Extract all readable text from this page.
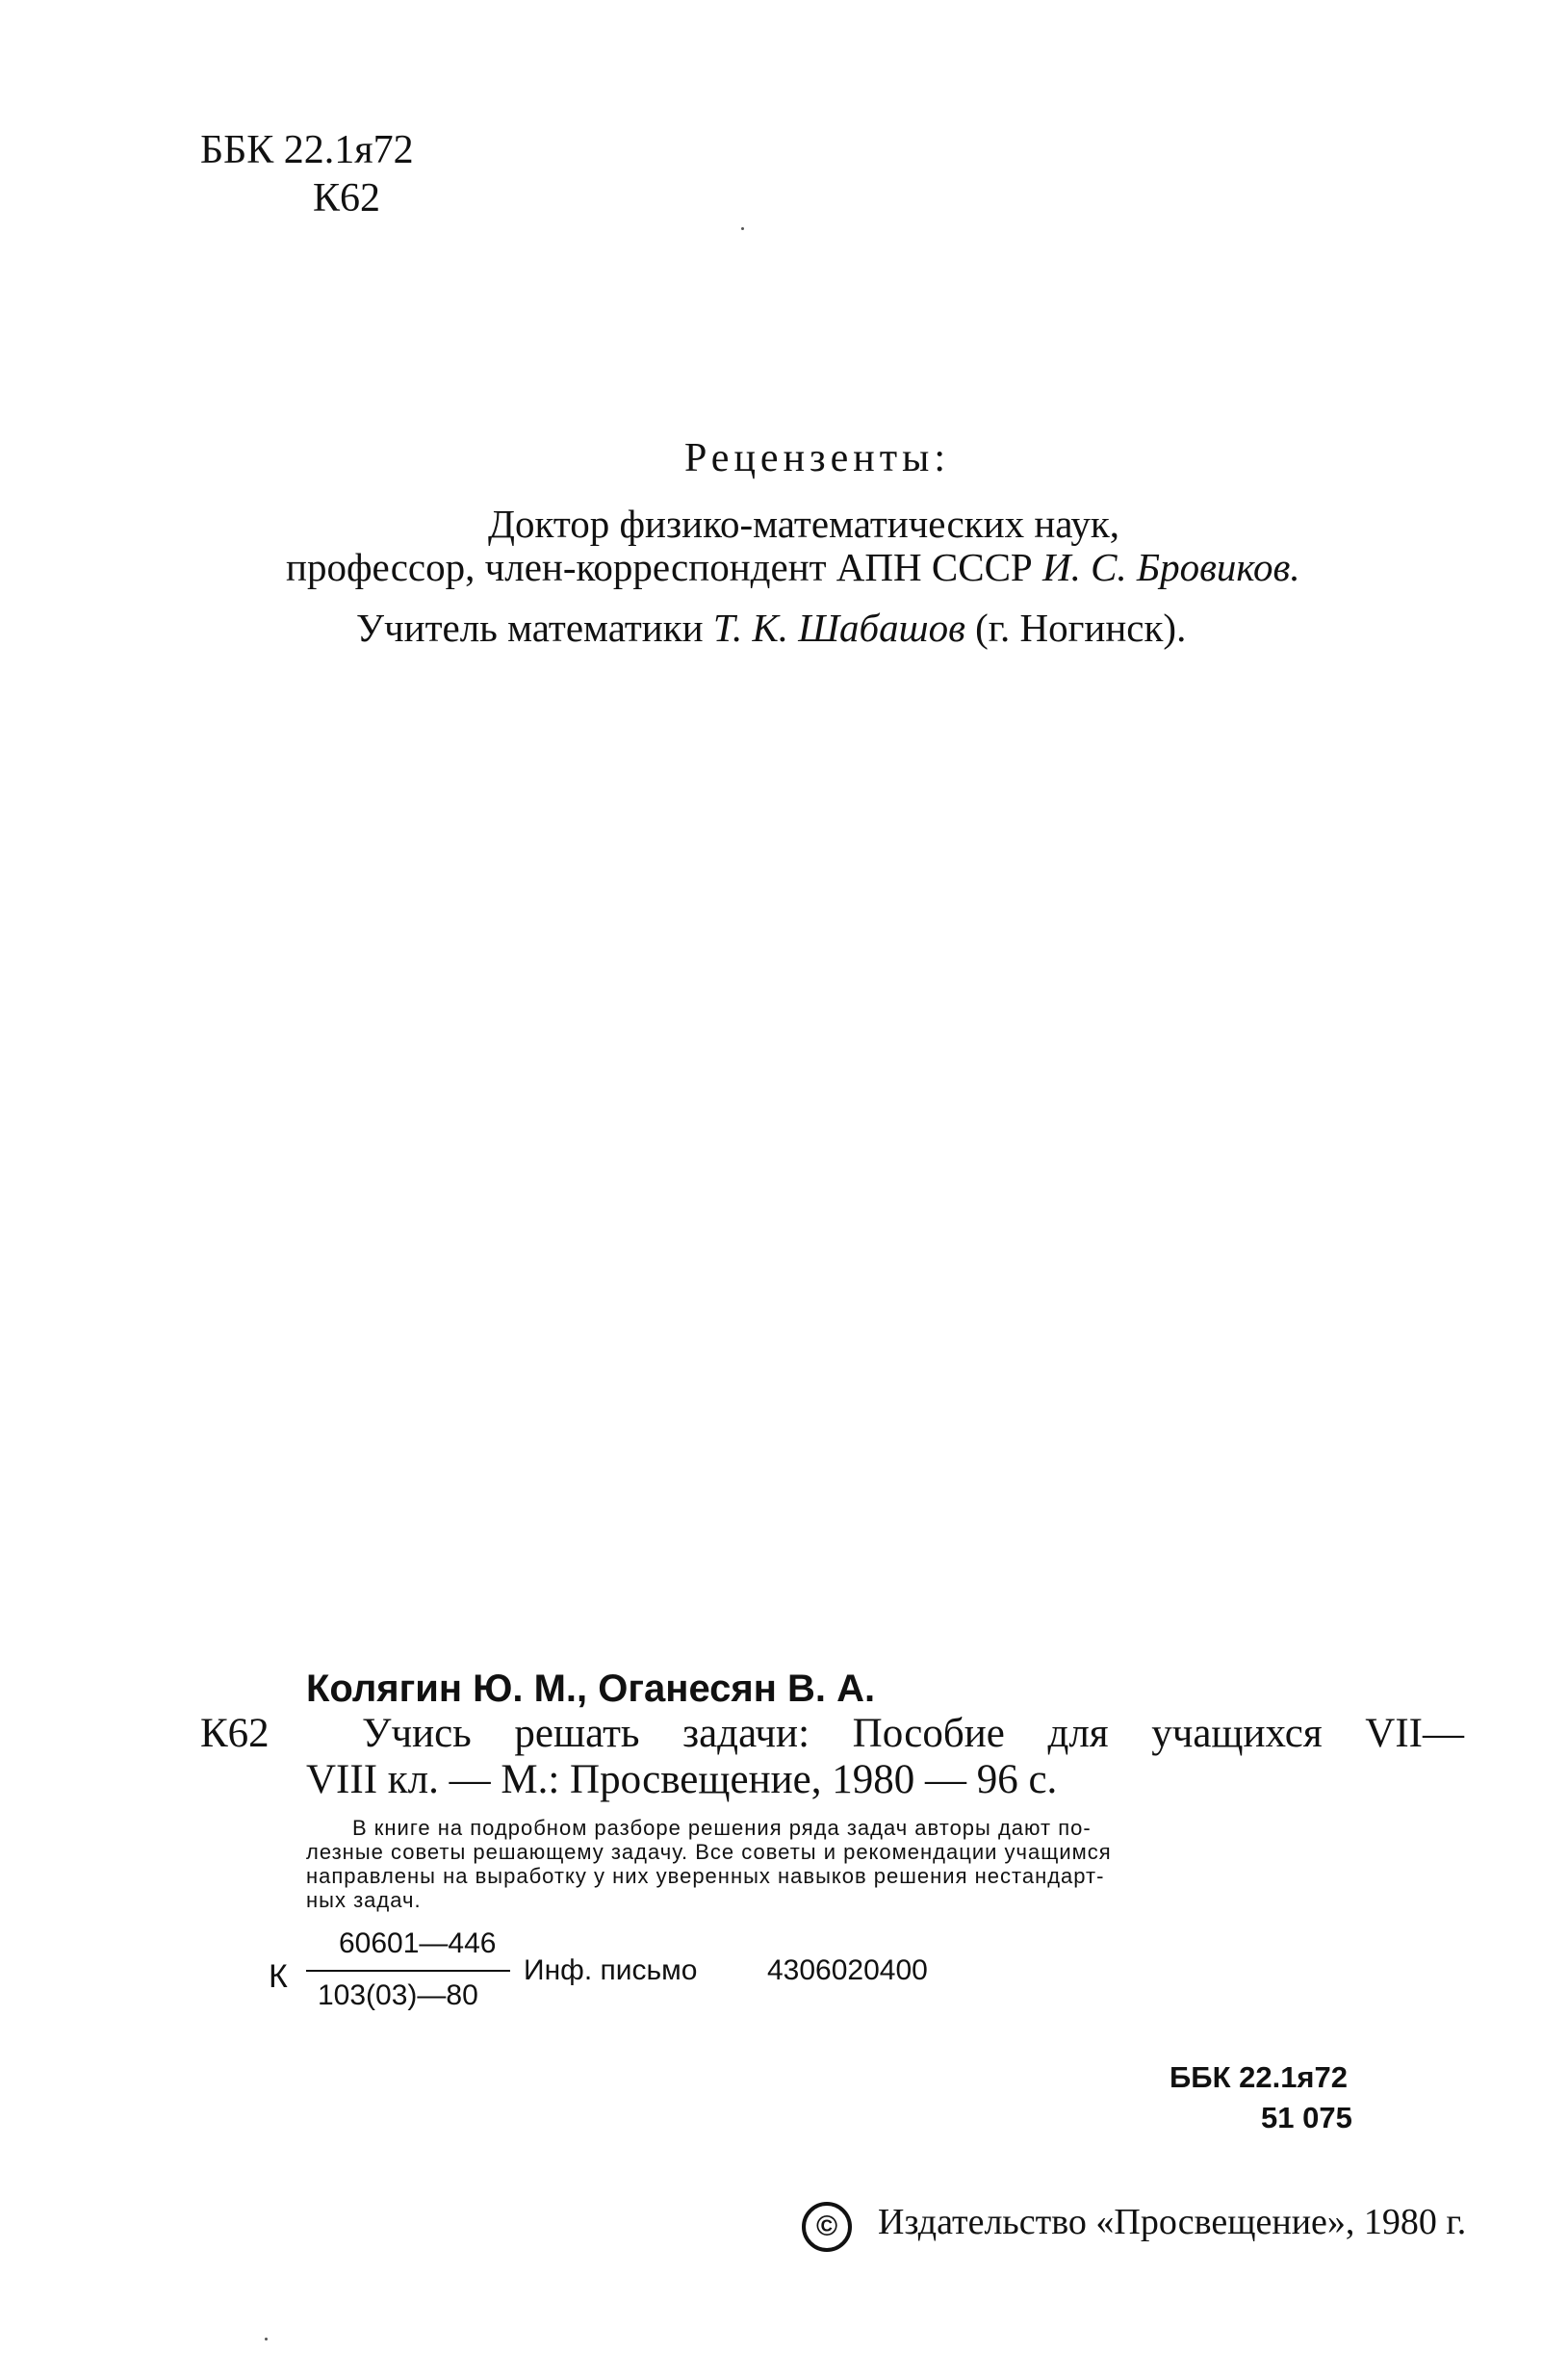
ББК 22.1я72
К62
Рецензенты:
Доктор физико-математических наук,
профессор, член-корреспондент АПН СССР И. С. Бровиков.
Учитель математики Т. К. Шабашов (г. Ногинск).
Колягин Ю. М., Оганесян В. А.
К62 Учись решать задачи: Пособие для учащихся VII—
VIII кл. — М.: Просвещение, 1980 — 96 с.
В книге на подробном разборе решения ряда задач авторы дают по-
лезные советы решающему задачу. Все советы и рекомендации учащимся
направлены на выработку у них уверенных навыков решения нестандарт-
ных задач.
К
60601—446
103(03)—80
Инф. письмо 4306020400
ББК 22.1я72
51 075
©	Издательство «Просвещение», 1980 г.
